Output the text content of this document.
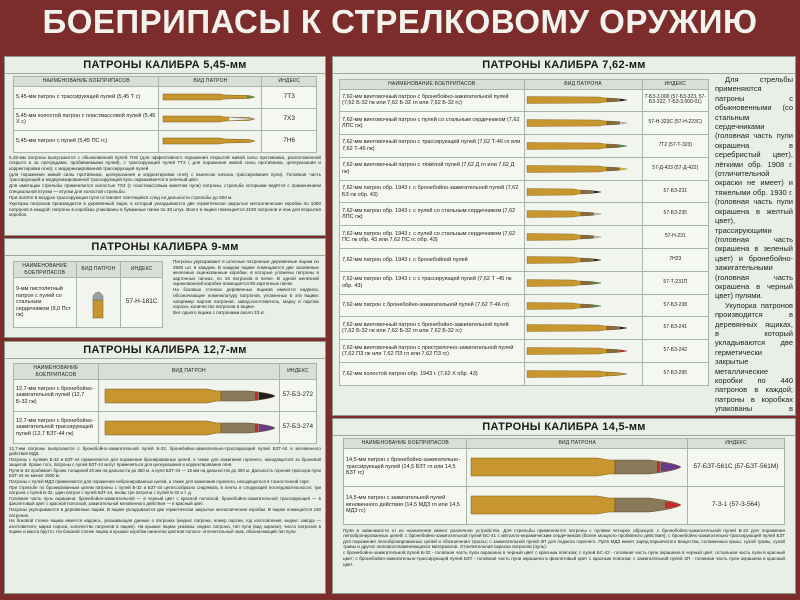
БОЕПРИПАСЫ К СТРЕЛКОВОМУ ОРУЖИЮ
ПАТРОНЫ КАЛИБРА 5,45-мм
НАИМЕНОВАНИЕ БОЕПРИПАСОВ	ВИД ПАТРОН	ИНДЕКС
5,45-мм патрон с трассирующей пулей (5,45 Т с)		7Т3
5,45-мм холостой патрон с пластмассовой пулей (5,45 Х с)		7Х3
5,45-мм патрон с пулей (5,45 ПС гс)		7Н6

5,45-мм патроны выпускаются с обыкновенной пулей 7Н6 (для эффективного поражения открытой живой силы противника, расположенной открыто и за преградами, пробиваемыми пулей), с трассирующей пулей 7Т3 ( для поражения живой силы противника, целеуказания и корректировки огня), с модернизированной трассирующей пулей

(для поражения живой силы противника, целеуказания и корректировки огня) с вынесом начала трассирования пули). Головная часть трассирующей и модернизированной трассирующей пуль окрашивается в зеленый цвет.

Для имитации стрельбы применяются холостые 7Х3 (с пластмассовым макетом пули) патроны, стрельба которыми ведётся с применением специальной втулки — втулки для холостой стрельбы.

При полёте в воздухе трассирующая пуля оставляет светящийся след на дальности стрельбы до 800 м.

Укупорка патронов производится в деревянный ящик, в который укладываются две герметически закрытые металлические коробки по 1080 патронов в каждой; патроны в коробках упакованы в бумажные пачки по 30 штук. Всего в ящике помещается 2160 патронов и нож для вскрытия коробок.

ПАТРОНЫ КАЛИБРА 9-мм
НАИМЕНОВАНИЕ БОЕПРИПАСОВ	ВИД ПАТРОН	ИНДЕКС
9-мм пистолетный патрон с пулей со стальным сердечником (9,0 Пст гж)		57-Н-181С

Патроны укупоривают в штатные патронные деревянные ящики по 2560 шт. в каждом. В каждом ящике помещаются две запаянные железные оцинкованные коробки, в которые уложены патроны в картонных пачках, по 16 патронов в пачке. В одной железной оцинкованной коробке помещается 80 картонных пачек.

На боковых стенках деревянных ящиков имеются надписи, обозначающие номенклатуру патронов, уложенных в эти ящики: например партия патронов, завод-изготовитель, марку и партию пороха, количество патронов в ящике.

Вес одного ящика с патронами около 33 кг.

ПАТРОНЫ КАЛИБРА 12,7-мм
НАИМЕНОВАНИЕ БОЕПРИПАСОВ	ВИД ПАТРОН	ИНДЕКС
12,7-мм патрон с бронебойно-зажигательной пулей (12,7 Б-32 гж)		57-БЗ-272
12,7-мм патрон с бронебойно-зажигательной трассирующей пулей (12,7 БЗТ-44 гж)		57-БЗ-274

12,7-мм патроны выпускаются с бронебойно-зажигательной пулей Б-32, бронебойно-зажигательно-трассирующей пулей БЗТ-44 и мгновенного действия МДЗ.

Патроны с пулями Б-32 и БЗТ-44 применяются для поражения бронированных целей, а также для зажигания горючего, находящегося за броневой защитой. Кроме того, патроны с пулей БЗТ-44 могут применяться для целеуказания и корректирования огня.

Пуля Б-32 пробивает броню толщиной 20 мм на дальности до 350 м, а пуля БЗТ-44 — 15 мм на дальностях до 300 м. Дальность горения трассера пули БЗТ-44 не менее 1500 м.

Патроны с пулей МДЗ применяются для поражения небронированных целей, а также для зажигания горючего, находящегося в тонкостенной таре.

При стрельбе по бронированным целям патроны с пулей Б-32 и БЗТ-44 целесообразно снаряжать в ленты в следующей последовательности: три патрона с пулей Б-32, один патрон с пулей БЗТ-44, вновь три патрона с пулей Б-32 и т. д.

Головная часть пуль окрашена: бронебойно-зажигательной — в черный цвет с красной полоской, бронебойно-зажигательной трассирующей — в фиолетовый цвет с красной полоской, зажигательной мгновенного действия — в красный цвет.

Патроны укупориваются в деревянные ящики. В ящике укладываются две герметически закрытые металлические коробки. В ящике помещается 160 патронов.

На боковой стенке ящика имеется надпись, указывающая данные о патронах (индекс патрона, номер партии, год изготовления, индекс завода — изготовителя, марка пороха, количество патронов в ящике). На крышке ящика указаны: индекс патрона, тип пули (вид окраски), число патронов в ящике и масса брутто. На боковой стенке ящика и крышке коробки нанесена цветная полоса- отличительный знак, обозначающий тип пули.

ПАТРОНЫ КАЛИБРА 7,62-мм
НАИМЕНОВАНИЕ БОЕПРИПАСОВ	ВИД ПАТРОНА	ИНДЕКС
7,62-мм винтовочный патрон с бронебойно-зажигательной пулей (7,62 Б-32 гж или 7,62 Б-32 гл или 7,62 Б-32 гс)		7-БЗ-3.000 (57-БЗ-323, 57-БЗ-322, 7-БЗ-3.000-01)
7,62-мм винтовочный патрон с пулей со стальным сердечником (7,62 ЛПС гж)		57-Н-323С (57-Н-223С)
7,62-мм винтовочный патрон с трассирующей пулей (7,62 Т-46 гл или 7,62 Т-46 гж)		7Т2 (57-Т-323)
7,62-мм винтовочный патрон с тяжёлой пулей (7,62 Д гл или 7,62 Д гж)		57-Д-423 (57-Д-422)
7,62-мм патрон обр. 1943 г. с бронебойно-зажигательной пулей (7,62 БЗ гж обр. 43)		57-БЗ-231
7,62-мм патрон обр. 1943 г. с пулей со стальным сердечником (7,62 ЛПС гж)		57-БЗ-235
7,62-мм патрон обр. 1943 г. с пулей со стальным сердечником (7,62 ПС гж обр. 43 или 7,62 ПС гс обр. 43)		57-Н-231
7,62-мм патрон обр. 1943 г. с бронебойной пулей		7Н23
7,62-мм патрон обр. 1943 г. с с трассирующей пулей (7,62 Т -45 гж обр. 43)		57-Т-231П
7,62-мм патрон с бронебойно-зажигательной пулей (7,62 Т-46 гл)		57-БЗ-238
7,62-мм винтовочный патрон с бронебойно-зажигательной пулей (7,62 Б-32 гж или 7,62 Б-32 гл или 7,62 Б-32 гс)		57-БЗ-241
7,62-мм винтовочный патрон с пристрелочно-зажигательной пулей (7,62 ПЗ гж или 7,62 ПЗ гл или 7,62 ПЗ гс)		57-БЗ-242
7,62-мм холостой патрон обр. 1943 г. (7,62 Х обр. 43)		57-БЗ-295

Для стрельбы применяются патроны с обыкновенными (со стальным сердечниками (головная часть пули окрашена в серебристый цвет), лёгкими обр. 1908 г. (отличительной окраски не имеет) и тяжелыми обр. 1930 г. (головная часть пули окрашена в желтый цвет), трассирующими (головная часть окрашена в зеленый цвет) и бронебойно-зажигательными (головная часть окрашена в черный цвет) пулями.

Укупорка патронов производится в деревянных ящиках, в который укладываются две герметически закрытые металлические коробки по 440 патронов в каждой; патроны в коробках упакованы в

ПАТРОНЫ КАЛИБРА 14,5-мм
НАИМЕНОВАНИЕ БОЕПРИПАСОВ	ВИД ПАТРОНА	ИНДЕКС
14,5-мм патрон с бронебойно-зажигательно-трассирующей пулей (14,5 БЗТ гл или 14,5 БЗТ гс)		57-БЗТ-561С (57-БЗТ-561М)
14,5-мм патрон с зажигательной пулей мгновенного действия (14,5 МДЗ гл или 14,5 МДЗ гс)		7-З-1 (57-З-564)

Пули в зависимости от их назначения имеют различное устройство. Для стрельбы применяются патроны с пулями четырех образцов: с бронебойно-зажигательной пулей Б-32 для поражения легкобронированных целей; с бронебойно-зажигательной пулей БС-41 с металло-керамическим сердечником (более мощного пробивного действия); с бронебойно-зажигательно-трассирующей пулей БЗТ для поражения легкобронированных целей и обозначения трассы; с зажигательной пулей ЗП для поджога горючего. Пуля МДЗ имеет заряд взрывчатого вещества; соломенных крыш, сухой травы, сухой травы и других легковоспламеняющихся материалов. Отличительная окраска патронов (пуль):

с бронебойно-зажигательной пулей Б-32 - головная часть пули окрашена в черный цвет с красным пояском; с пулей БС-42 - головная часть пули окрашена в черный цвет, остальная часть пули в красный цвет; с бронебойно-зажигательно-трассирующей пулей БЗТ - головная часть пули окрашена в фиолетовый цвет с красным пояском; с зажигательной пулей ЗП - головная часть пули окрашена в красный цвет.
